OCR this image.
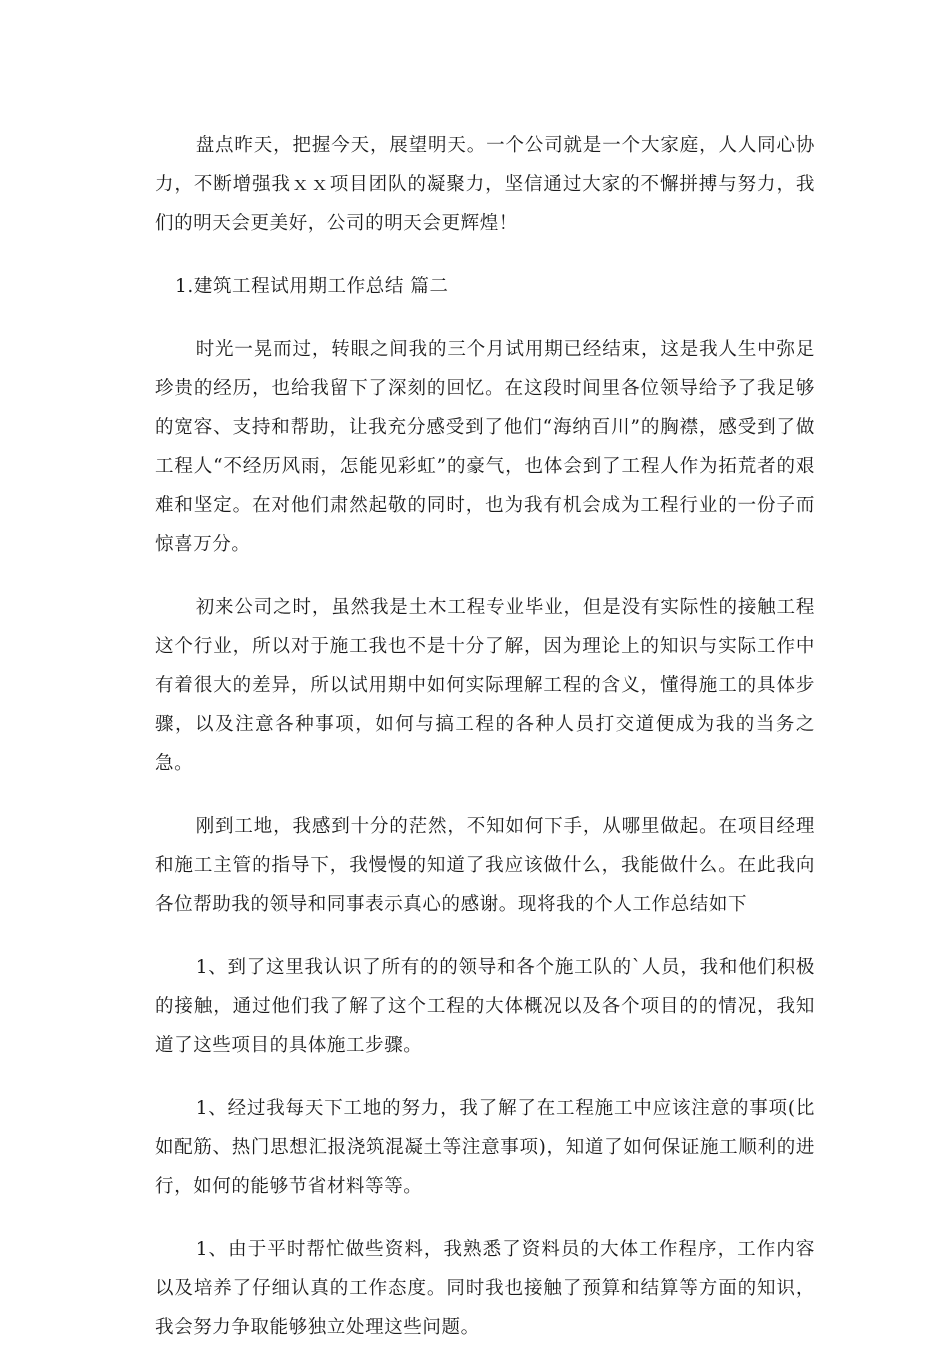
盘点昨天，把握今天，展望明天。一个公司就是一个大家庭，人人同心协力，不断增强我ｘｘ项目团队的凝聚力，坚信通过大家的不懈拼搏与努力，我们的明天会更美好，公司的明天会更辉煌！

1.建筑工程试用期工作总结 篇二

时光一晃而过，转眼之间我的三个月试用期已经结束，这是我人生中弥足珍贵的经历，也给我留下了深刻的回忆。在这段时间里各位领导给予了我足够的宽容、支持和帮助，让我充分感受到了他们“海纳百川”的胸襟，感受到了做工程人“不经历风雨，怎能见彩虹”的豪气，也体会到了工程人作为拓荒者的艰难和坚定。在对他们肃然起敬的同时，也为我有机会成为工程行业的一份子而惊喜万分。

初来公司之时，虽然我是土木工程专业毕业，但是没有实际性的接触工程这个行业，所以对于施工我也不是十分了解，因为理论上的知识与实际工作中有着很大的差异，所以试用期中如何实际理解工程的含义，懂得施工的具体步骤，以及注意各种事项，如何与搞工程的各种人员打交道便成为我的当务之急。

刚到工地，我感到十分的茫然，不知如何下手，从哪里做起。在项目经理和施工主管的指导下，我慢慢的知道了我应该做什么，我能做什么。在此我向各位帮助我的领导和同事表示真心的感谢。现将我的个人工作总结如下

1、到了这里我认识了所有的的领导和各个施工队的`人员，我和他们积极的接触，通过他们我了解了这个工程的大体概况以及各个项目的的情况，我知道了这些项目的具体施工步骤。

1、经过我每天下工地的努力，我了解了在工程施工中应该注意的事项(比如配筋、热门思想汇报浇筑混凝土等注意事项)，知道了如何保证施工顺利的进行，如何的能够节省材料等等。

1、由于平时帮忙做些资料，我熟悉了资料员的大体工作程序，工作内容以及培养了仔细认真的工作态度。同时我也接触了预算和结算等方面的知识，我会努力争取能够独立处理这些问题。
